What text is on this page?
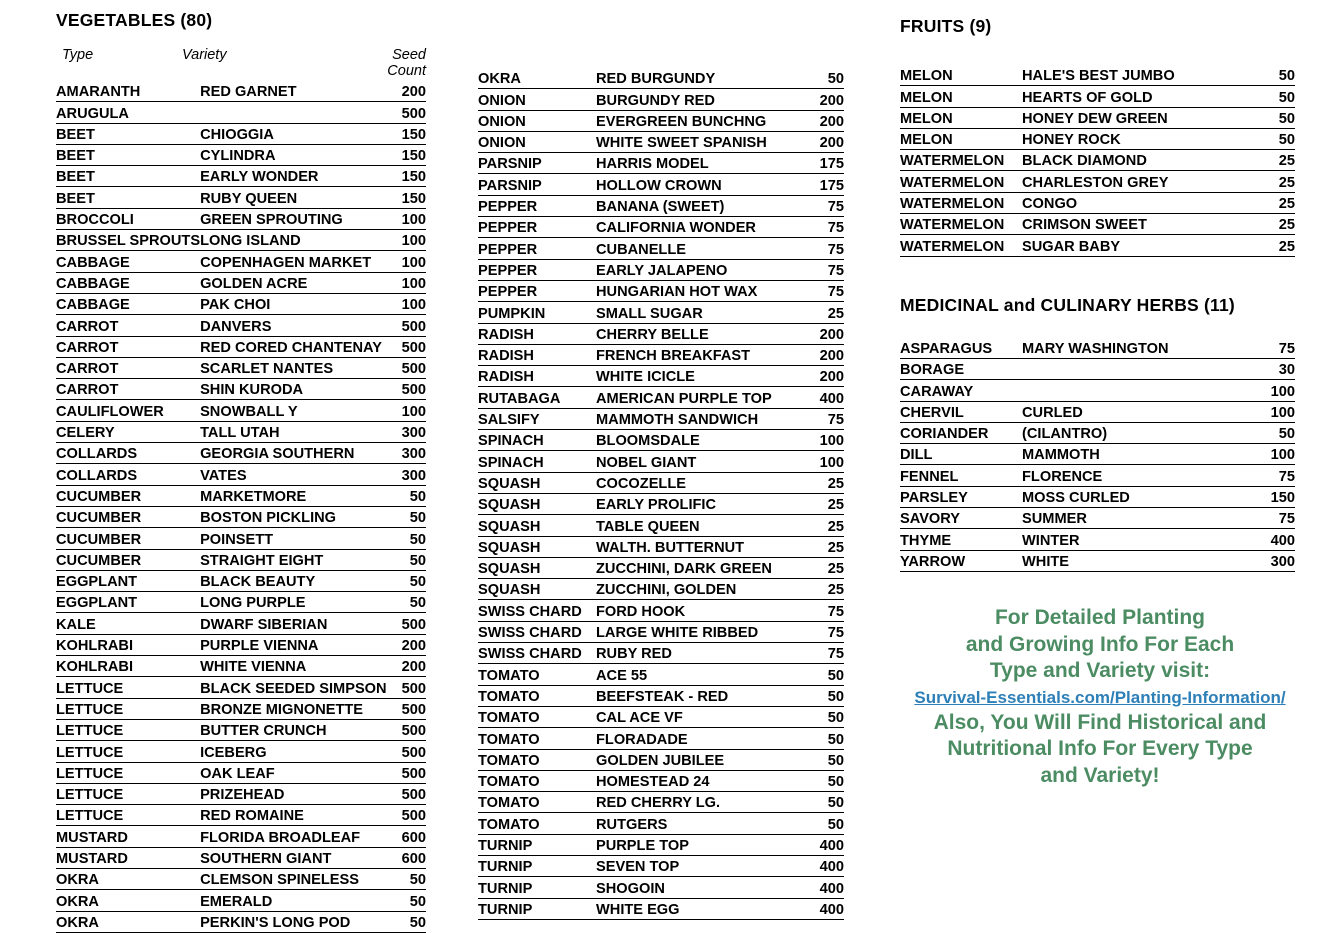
VEGETABLES (80)
Type	Variety	Seed Count
AMARANTH	RED GARNET	200
ARUGULA		500
BEET	CHIOGGIA	150
BEET	CYLINDRA	150
BEET	EARLY WONDER	150
BEET	RUBY QUEEN	150
BROCCOLI	GREEN SPROUTING	100
BRUSSEL SPROUTS	LONG ISLAND	100
CABBAGE	COPENHAGEN MARKET	100
CABBAGE	GOLDEN ACRE	100
CABBAGE	PAK CHOI	100
CARROT	DANVERS	500
CARROT	RED CORED CHANTENAY	500
CARROT	SCARLET NANTES	500
CARROT	SHIN KURODA	500
CAULIFLOWER	SNOWBALL Y	100
CELERY	TALL UTAH	300
COLLARDS	GEORGIA SOUTHERN	300
COLLARDS	VATES	300
CUCUMBER	MARKETMORE	50
CUCUMBER	BOSTON PICKLING	50
CUCUMBER	POINSETT	50
CUCUMBER	STRAIGHT EIGHT	50
EGGPLANT	BLACK BEAUTY	50
EGGPLANT	LONG PURPLE	50
KALE	DWARF SIBERIAN	500
KOHLRABI	PURPLE VIENNA	200
KOHLRABI	WHITE VIENNA	200
LETTUCE	BLACK SEEDED SIMPSON	500
LETTUCE	BRONZE MIGNONETTE	500
LETTUCE	BUTTER CRUNCH	500
LETTUCE	ICEBERG	500
LETTUCE	OAK LEAF	500
LETTUCE	PRIZEHEAD	500
LETTUCE	RED ROMAINE	500
MUSTARD	FLORIDA BROADLEAF	600
MUSTARD	SOUTHERN GIANT	600
OKRA	CLEMSON SPINELESS	50
OKRA	EMERALD	50
OKRA	PERKIN'S LONG POD	50
OKRA	RED BURGUNDY	50
ONION	BURGUNDY RED	200
ONION	EVERGREEN BUNCHNG	200
ONION	WHITE SWEET SPANISH	200
PARSNIP	HARRIS MODEL	175
PARSNIP	HOLLOW CROWN	175
PEPPER	BANANA (SWEET)	75
PEPPER	CALIFORNIA WONDER	75
PEPPER	CUBANELLE	75
PEPPER	EARLY JALAPENO	75
PEPPER	HUNGARIAN HOT WAX	75
PUMPKIN	SMALL SUGAR	25
RADISH	CHERRY BELLE	200
RADISH	FRENCH BREAKFAST	200
RADISH	WHITE ICICLE	200
RUTABAGA	AMERICAN PURPLE TOP	400
SALSIFY	MAMMOTH SANDWICH	75
SPINACH	BLOOMSDALE	100
SPINACH	NOBEL GIANT	100
SQUASH	COCOZELLE	25
SQUASH	EARLY PROLIFIC	25
SQUASH	TABLE QUEEN	25
SQUASH	WALTH. BUTTERNUT	25
SQUASH	ZUCCHINI, DARK GREEN	25
SQUASH	ZUCCHINI, GOLDEN	25
SWISS CHARD	FORD HOOK	75
SWISS CHARD	LARGE WHITE RIBBED	75
SWISS CHARD	RUBY RED	75
TOMATO	ACE 55	50
TOMATO	BEEFSTEAK - RED	50
TOMATO	CAL ACE VF	50
TOMATO	FLORADADE	50
TOMATO	GOLDEN JUBILEE	50
TOMATO	HOMESTEAD 24	50
TOMATO	RED CHERRY LG.	50
TOMATO	RUTGERS	50
TURNIP	PURPLE TOP	400
TURNIP	SEVEN TOP	400
TURNIP	SHOGOIN	400
TURNIP	WHITE EGG	400
FRUITS (9)
MELON	HALE'S BEST JUMBO	50
MELON	HEARTS OF GOLD	50
MELON	HONEY DEW GREEN	50
MELON	HONEY ROCK	50
WATERMELON	BLACK DIAMOND	25
WATERMELON	CHARLESTON GREY	25
WATERMELON	CONGO	25
WATERMELON	CRIMSON SWEET	25
WATERMELON	SUGAR BABY	25
MEDICINAL and CULINARY HERBS (11)
ASPARAGUS	MARY WASHINGTON	75
BORAGE		30
CARAWAY		100
CHERVIL	CURLED	100
CORIANDER	(CILANTRO)	50
DILL	MAMMOTH	100
FENNEL	FLORENCE	75
PARSLEY	MOSS CURLED	150
SAVORY	SUMMER	75
THYME	WINTER	400
YARROW	WHITE	300
For Detailed Planting
and Growing Info For Each
Type and Variety visit:
Survival-Essentials.com/Planting-Information/
Also, You Will Find Historical and
Nutritional Info For Every Type
and Variety!
